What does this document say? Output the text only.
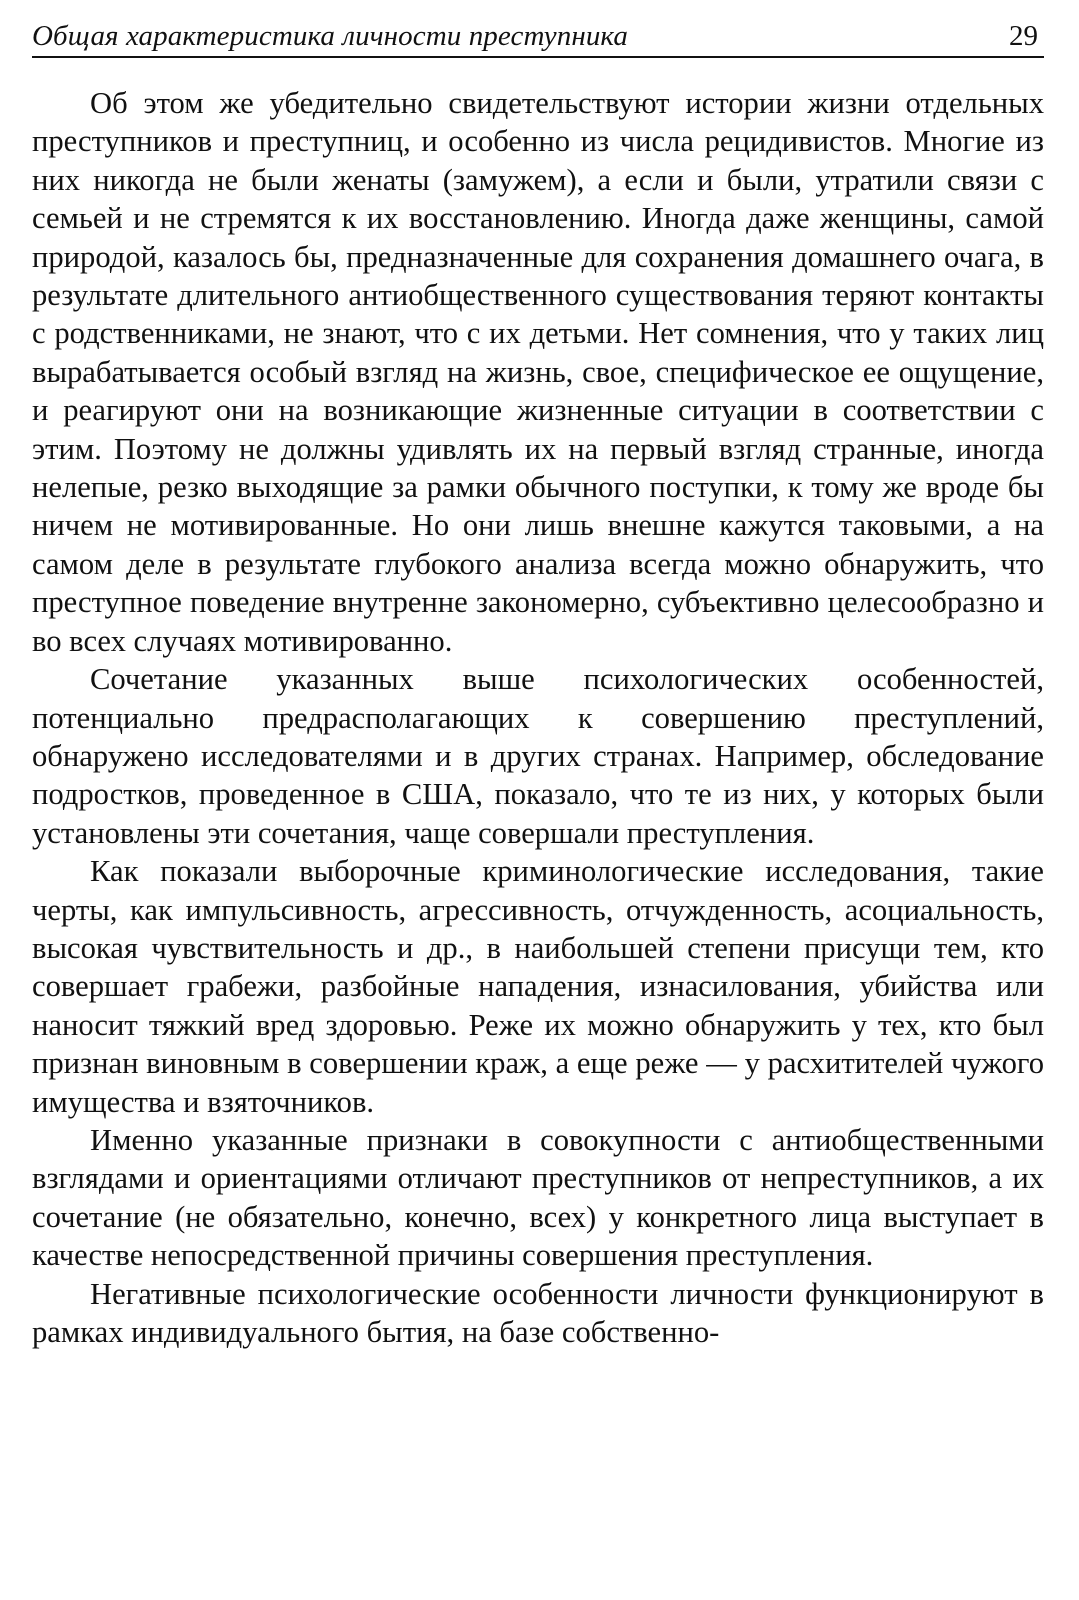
Общая характеристика личности преступника	29

Об этом же убедительно свидетельствуют истории жизни отдельных преступников и преступниц, и особенно из числа рецидивистов. Многие из них никогда не были женаты (замужем), а если и были, утратили связи с семьей и не стремятся к их восстановлению. Иногда даже женщины, самой природой, казалось бы, предназначенные для сохранения домашнего очага, в результате длительного антиобщественного существования теряют контакты с родственниками, не знают, что с их детьми. Нет сомнения, что у таких лиц вырабатывается особый взгляд на жизнь, свое, специфическое ее ощущение, и реагируют они на возникающие жизненные ситуации в соответствии с этим. Поэтому не должны удивлять их на первый взгляд странные, иногда нелепые, резко выходящие за рамки обычного поступки, к тому же вроде бы ничем не мотивированные. Но они лишь внешне кажутся таковыми, а на самом деле в результате глубокого анализа всегда можно обнаружить, что преступное поведение внутренне закономерно, субъективно целесообразно и во всех случаях мотивированно.

Сочетание указанных выше психологических особенностей, потенциально предрасполагающих к совершению преступлений, обнаружено исследователями и в других странах. Например, обследование подростков, проведенное в США, показало, что те из них, у которых были установлены эти сочетания, чаще совершали преступления.

Как показали выборочные криминологические исследования, такие черты, как импульсивность, агрессивность, отчужденность, асоциальность, высокая чувствительность и др., в наибольшей степени присущи тем, кто совершает грабежи, разбойные нападения, изнасилования, убийства или наносит тяжкий вред здоровью. Реже их можно обнаружить у тех, кто был признан виновным в совершении краж, а еще реже — у расхитителей чужого имущества и взяточников.

Именно указанные признаки в совокупности с антиобщественными взглядами и ориентациями отличают преступников от непреступников, а их сочетание (не обязательно, конечно, всех) у конкретного лица выступает в качестве непосредственной причины совершения преступления.

Негативные психологические особенности личности функционируют в рамках индивидуального бытия, на базе собственно-
